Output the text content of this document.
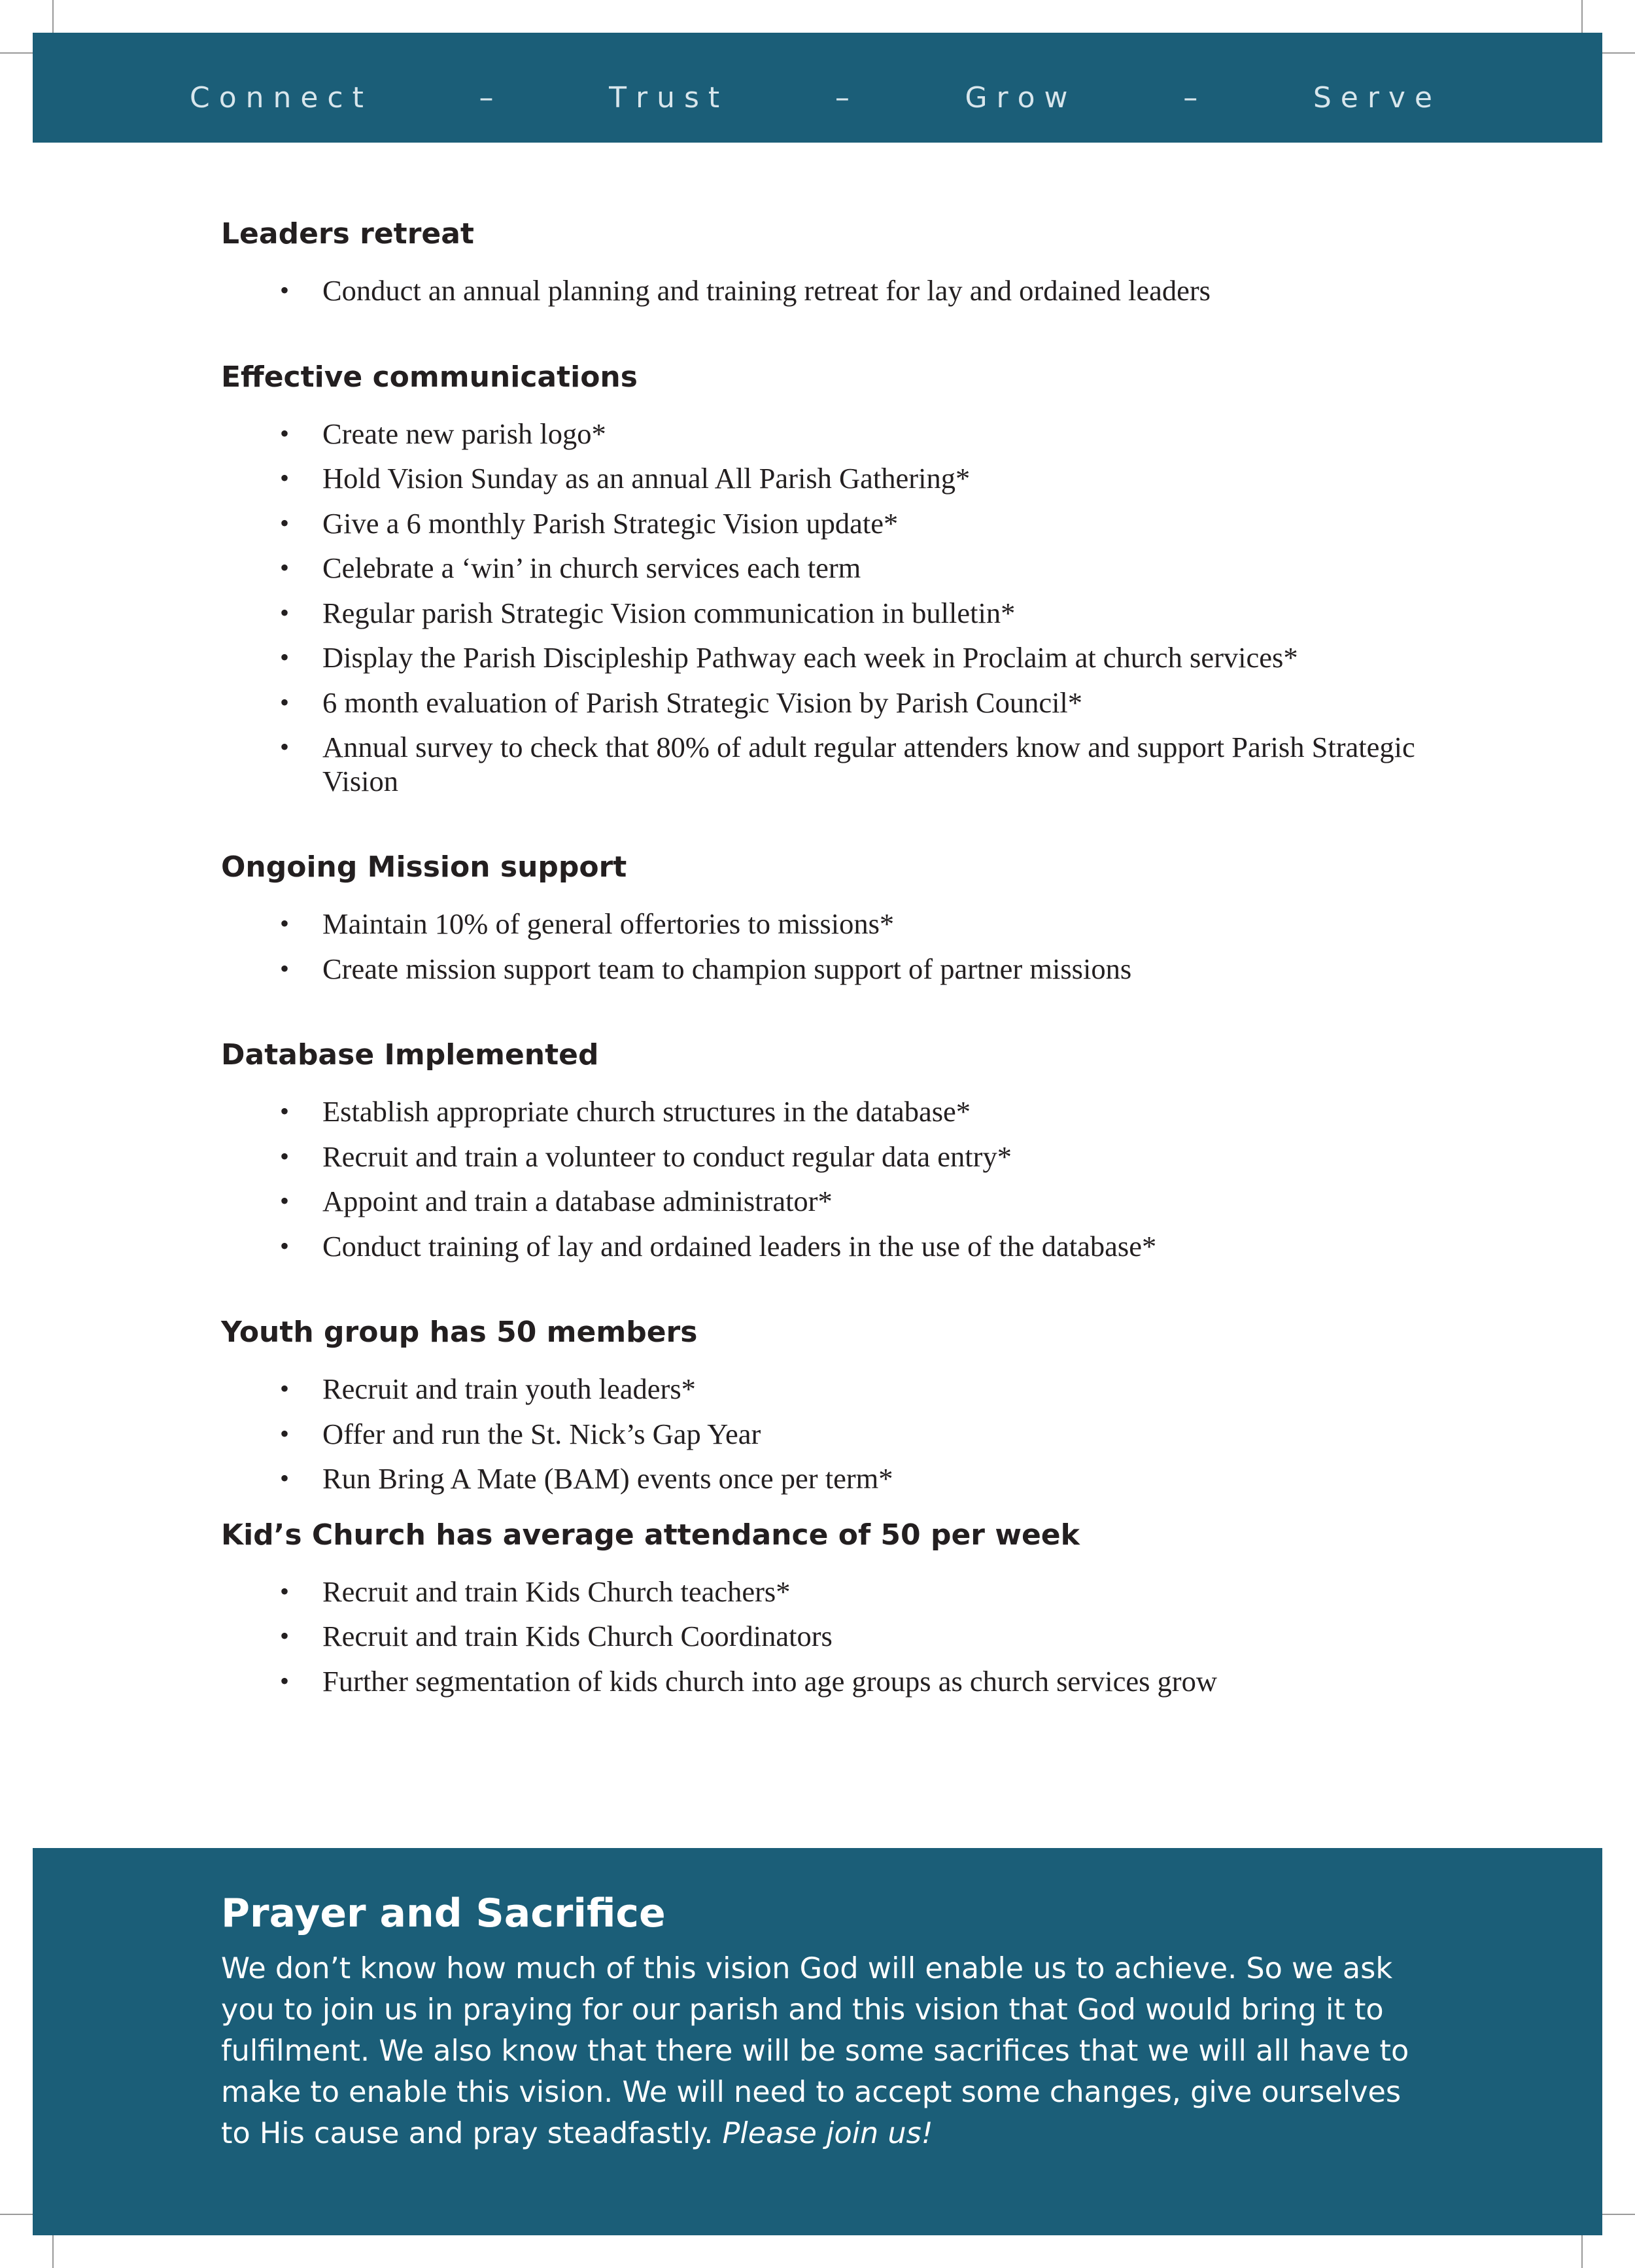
C o n n e c t	–	T r u s t	–	G r o w	–	S e r v e
Leaders retreat
• Conduct an annual planning and training retreat for lay and ordained leaders
Effective communications
• Create new parish logo*
• Hold Vision Sunday as an annual All Parish Gathering*
• Give a 6 monthly Parish Strategic Vision update*
• Celebrate a ‘win’ in church services each term
• Regular parish Strategic Vision communication in bulletin*
• Display the Parish Discipleship Pathway each week in Proclaim at church services*
• 6 month evaluation of Parish Strategic Vision by Parish Council*
• Annual survey to check that 80% of adult regular attenders know and support Parish Strategic Vision
Ongoing Mission support
• Maintain 10% of general offertories to missions*
• Create mission support team to champion support of partner missions
Database Implemented
• Establish appropriate church structures in the database*
• Recruit and train a volunteer to conduct regular data entry*
• Appoint and train a database administrator*
• Conduct training of lay and ordained leaders in the use of the database*
Youth group has 50 members
• Recruit and train youth leaders*
• Offer and run the St. Nick’s Gap Year
• Run Bring A Mate (BAM) events once per term*
Kid’s Church has average attendance of 50 per week
• Recruit and train Kids Church teachers*
• Recruit and train Kids Church Coordinators
• Further segmentation of kids church into age groups as church services grow
Prayer and Sacrifice

We don’t know how much of this vision God will enable us to achieve. So we ask you to join us in praying for our parish and this vision that God would bring it to fulfilment. We also know that there will be some sacrifices that we will all have to make to enable this vision. We will need to accept some changes, give ourselves to His cause and pray steadfastly. Please join us!
